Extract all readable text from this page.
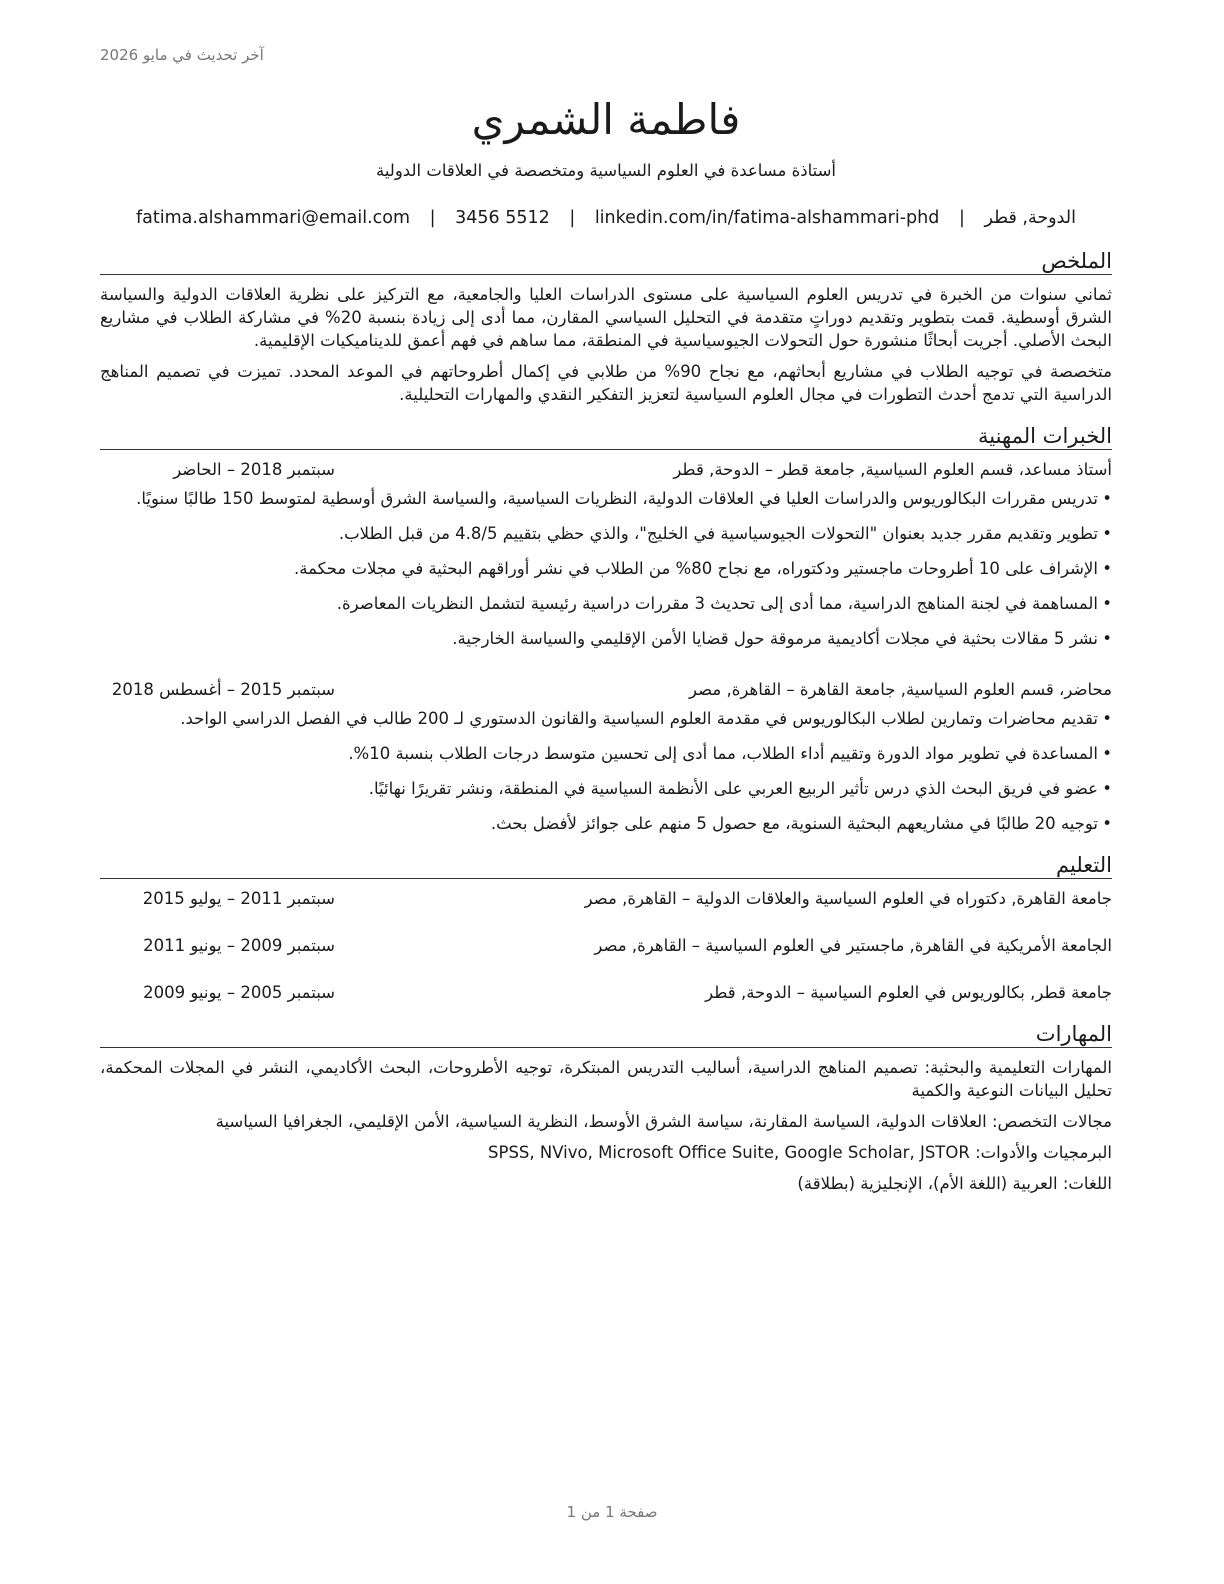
آخر تحديث في مايو 2026
فاطمة الشمري
أستاذة مساعدة في العلوم السياسية ومتخصصة في العلاقات الدولية
الدوحة, قطر | fatima.alshammari@email.com | 3456 5512 | linkedin.com/in/fatima-alshammari-phd
الملخص

ثماني سنوات من الخبرة في تدريس العلوم السياسية على مستوى الدراسات العليا والجامعية، مع التركيز على نظرية العلاقات الدولية والسياسة الشرق أوسطية. قمت بتطوير وتقديم دوراتٍ متقدمة في التحليل السياسي المقارن، مما أدى إلى زيادة بنسبة 20% في مشاركة الطلاب في مشاريع البحث الأصلي. أجريت أبحاثًا منشورة حول التحولات الجيوسياسية في المنطقة، مما ساهم في فهم أعمق للديناميكيات الإقليمية.

متخصصة في توجيه الطلاب في مشاريع أبحاثهم، مع نجاح 90% من طلابي في إكمال أطروحاتهم في الموعد المحدد. تميزت في تصميم المناهج الدراسية التي تدمج أحدث التطورات في مجال العلوم السياسية لتعزيز التفكير النقدي والمهارات التحليلية.

الخبرات المهنية
أستاذ مساعد، قسم العلوم السياسية, جامعة قطر – الدوحة, قطر
سبتمبر 2018 – الحاضر
•
تدريس مقررات البكالوريوس والدراسات العليا في العلاقات الدولية، النظريات السياسية، والسياسة الشرق أوسطية لمتوسط 150 طالبًا سنويًا.
•
تطوير وتقديم مقرر جديد بعنوان "التحولات الجيوسياسية في الخليج"، والذي حظي بتقييم 4.8/5 من قبل الطلاب.
•
الإشراف على 10 أطروحات ماجستير ودكتوراه، مع نجاح 80% من الطلاب في نشر أوراقهم البحثية في مجلات محكمة.
•
المساهمة في لجنة المناهج الدراسية، مما أدى إلى تحديث 3 مقررات دراسية رئيسية لتشمل النظريات المعاصرة.
•
نشر 5 مقالات بحثية في مجلات أكاديمية مرموقة حول قضايا الأمن الإقليمي والسياسة الخارجية.
محاضر، قسم العلوم السياسية, جامعة القاهرة – القاهرة, مصر
سبتمبر 2015 – أغسطس 2018
•
تقديم محاضرات وتمارين لطلاب البكالوريوس في مقدمة العلوم السياسية والقانون الدستوري لـ 200 طالب في الفصل الدراسي الواحد.
•
المساعدة في تطوير مواد الدورة وتقييم أداء الطلاب، مما أدى إلى تحسين متوسط درجات الطلاب بنسبة 10%.
•
عضو في فريق البحث الذي درس تأثير الربيع العربي على الأنظمة السياسية في المنطقة، ونشر تقريرًا نهائيًا.
•
توجيه 20 طالبًا في مشاريعهم البحثية السنوية، مع حصول 5 منهم على جوائز لأفضل بحث.
التعليم
جامعة القاهرة, دكتوراه في العلوم السياسية والعلاقات الدولية – القاهرة, مصر
سبتمبر 2011 – يوليو 2015
الجامعة الأمريكية في القاهرة, ماجستير في العلوم السياسية – القاهرة, مصر
سبتمبر 2009 – يونيو 2011
جامعة قطر, بكالوريوس في العلوم السياسية – الدوحة, قطر
سبتمبر 2005 – يونيو 2009
المهارات

المهارات التعليمية والبحثية: تصميم المناهج الدراسية، أساليب التدريس المبتكرة، توجيه الأطروحات، البحث الأكاديمي، النشر في المجلات المحكمة، تحليل البيانات النوعية والكمية

مجالات التخصص: العلاقات الدولية، السياسة المقارنة، سياسة الشرق الأوسط، النظرية السياسية، الأمن الإقليمي، الجغرافيا السياسية

البرمجيات والأدوات: SPSS, NVivo, Microsoft Office Suite, Google Scholar, JSTOR

اللغات: العربية (اللغة الأم)، الإنجليزية (بطلاقة)

صفحة 1 من 1
